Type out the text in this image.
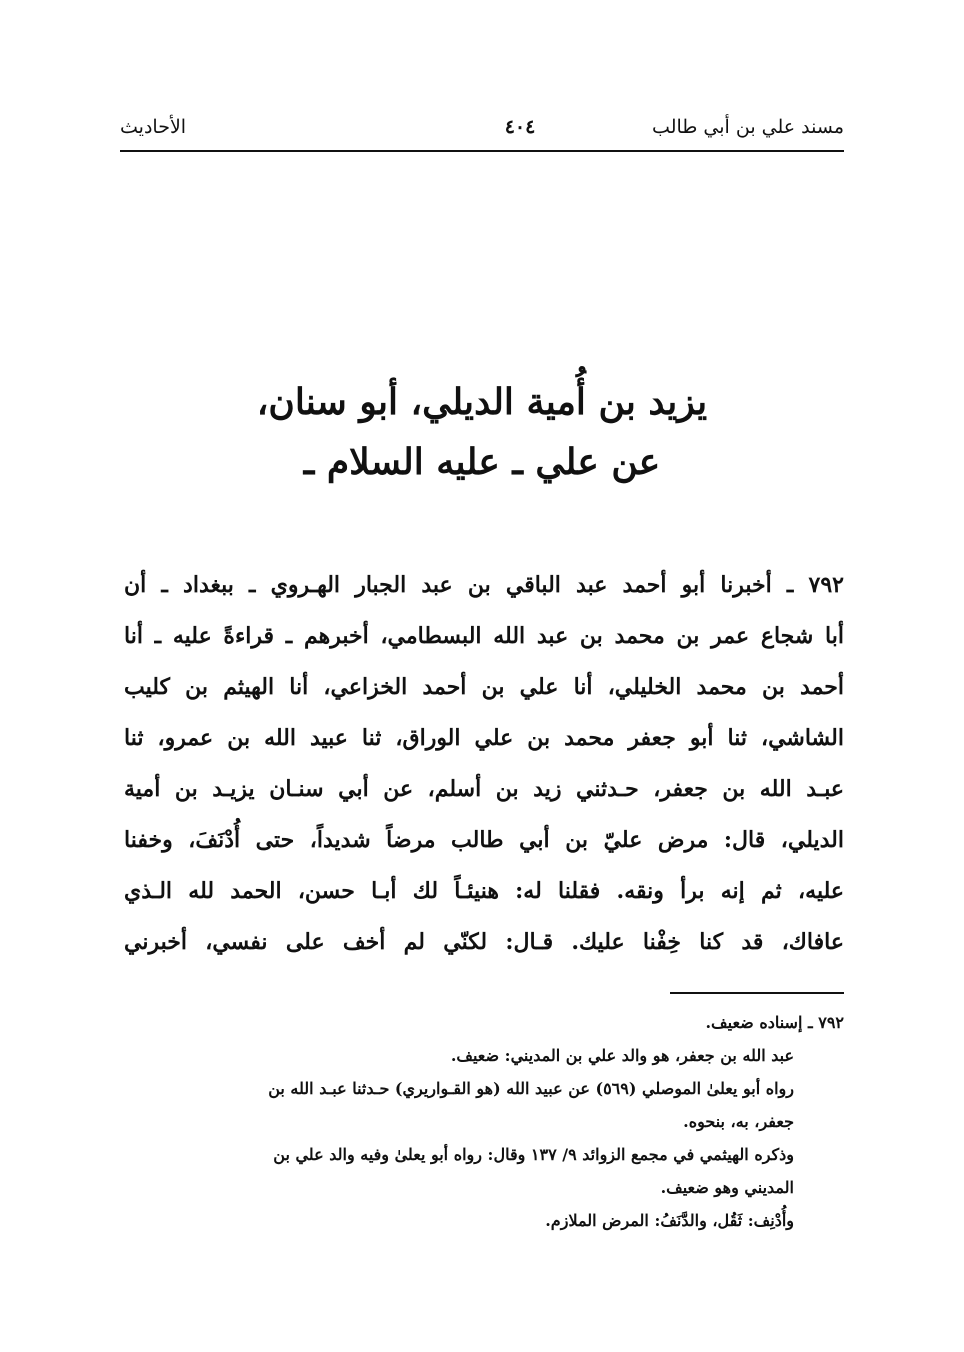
مسند علي بن أبي طالب
٤٠٤
الأحاديث
يزيد بن أُمية الديلي، أبو سنان،
عن علي ـ عليه السلام ـ
٧٩٢ ـ أخبرنا أبو أحمد عبد الباقي بن عبد الجبار الهـروي ـ ببغداد ـ أن
أبا شجاع عمر بن محمد بن عبد الله البسطامي، أخبرهم ـ قراءةً عليه ـ أنا
أحمد بن محمد الخليلي، أنا علي بن أحمد الخزاعي، أنا الهيثم بن كليب
الشاشي، ثنا أبو جعفر محمد بن علي الوراق، ثنا عبيد الله بن عمرو، ثنا
عبـد الله بن جعفر، حـدثني زيد بن أسلم، عن أبي سنـان يزيـد بن أمية
الديلي، قال: مرض عليّ بن أبي طالب مرضاً شديداً، حتى أُدْنَفَ، وخفنا
عليه، ثم إنه برأ ونقه. فقلنا له: هنيئـاً لك أبـا حسن، الحمد لله الـذي
عافاك، قد كنا خِفْنا عليك. قـال: لكنّي لم أخف على نفسي، أخبرني
٧٩٢ ـ إسناده ضعيف.
عبد الله بن جعفر، هو والد علي بن المديني: ضعيف.
رواه أبو يعلىٰ الموصلي (٥٦٩) عن عبيد الله (هو القـواريري) حـدثنا عبـد الله بن
جعفر، به، بنحوه.
وذكره الهيثمي في مجمع الزوائد ٩/ ١٣٧ وقال: رواه أبو يعلىٰ وفيه والد علي بن
المديني وهو ضعيف.
وأُدْنِف: ثَقُل، والدَّنَفُ: المرض الملازم.
